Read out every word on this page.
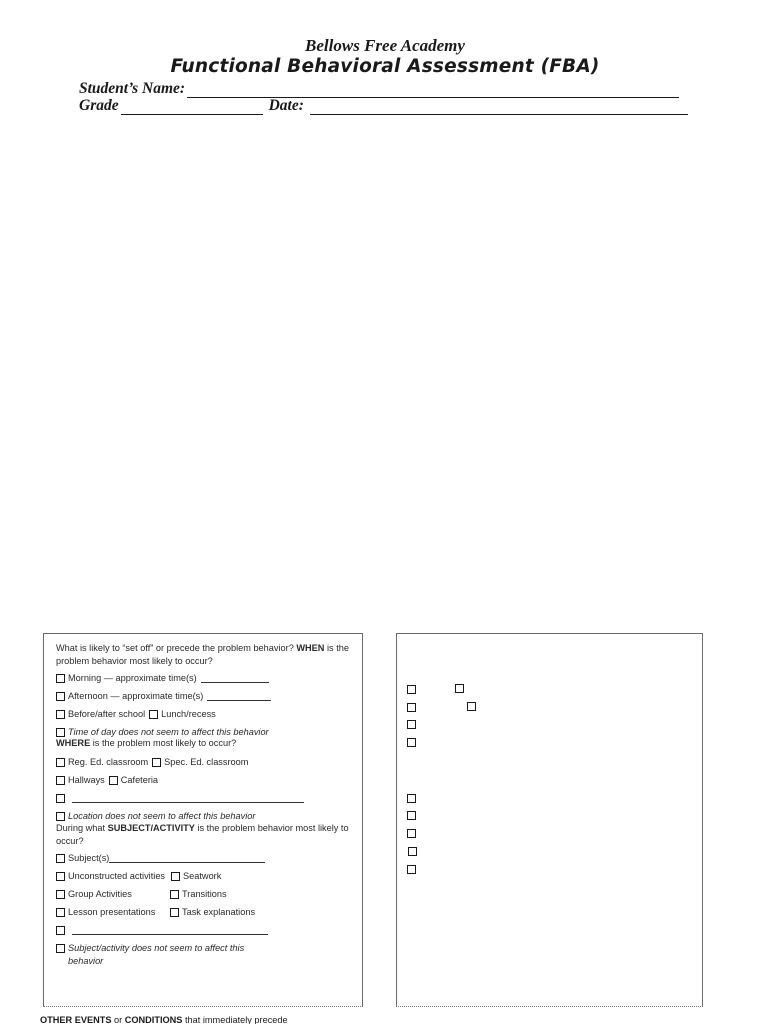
Bellows Free Academy
Functional Behavioral Assessment (FBA)
Student’s Name:
Grade	Date:
What is likely to “set off” or precede the problem behavior? WHEN is the problem behavior most likely to occur?
Morning — approximate time(s)
Afternoon — approximate time(s)
Before/after school Lunch/recess
Time of day does not seem to affect this behavior
WHERE is the problem most likely to occur?
Reg. Ed. classroom Spec. Ed. classroom
Hallways Cafeteria
Location does not seem to affect this behavior
During what SUBJECT/ACTIVITY is the problem behavior most likely to occur?
Subject(s)
Unconstructed activities Seatwork
Group Activities	Transitions
Lesson presentations	Task explanations
Subject/activity does not seem to affect this behavior
OTHER EVENTS or CONDITIONS that immediately precede
